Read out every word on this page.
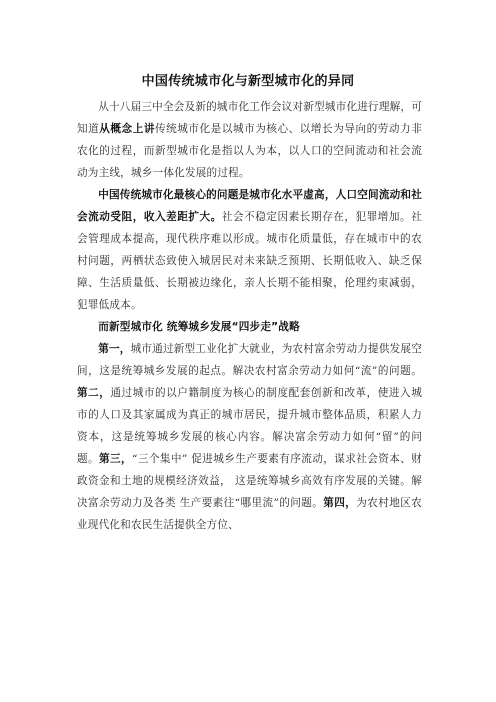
中国传统城市化与新型城市化的异同

从十八届三中全会及新的城市化工作会议对新型城市化进行理解，可知道从概念上讲传统城市化是以城市为核心、以增长为导向的劳动力非农化的过程，而新型城市化是指以人为本，以人口的空间流动和社会流动为主线，城乡一体化发展的过程。

中国传统城市化最核心的问题是城市化水平虚高，人口空间流动和社会流动受阻，收入差距扩大。社会不稳定因素长期存在，犯罪增加。社会管理成本提高，现代秩序难以形成。城市化质量低，存在城市中的农村问题，两栖状态致使入城居民对未来缺乏预期、长期低收入、缺乏保障、生活质量低、长期被边缘化，亲人长期不能相聚，伦理约束减弱，犯罪低成本。

而新型城市化 统筹城乡发展“四步走”战略

第一，城市通过新型工业化扩大就业，为农村富余劳动力提供发展空间，这是统筹城乡发展的起点。解决农村富余劳动力如何“流”的问题。第二，通过城市的以户籍制度为核心的制度配套创新和改革，使进入城市的人口及其家属成为真正的城市居民，提升城市整体品质，积累人力资本，这是统筹城乡发展的核心内容。解决富余劳动力如何“留”的问题。第三，“三个集中” 促进城乡生产要素有序流动，谋求社会资本、财政资金和土地的规模经济效益， 这是统筹城乡高效有序发展的关键。解决富余劳动力及各类 生产要素往“哪里流”的问题。第四，为农村地区农业现代化和农民生活提供全方位、
